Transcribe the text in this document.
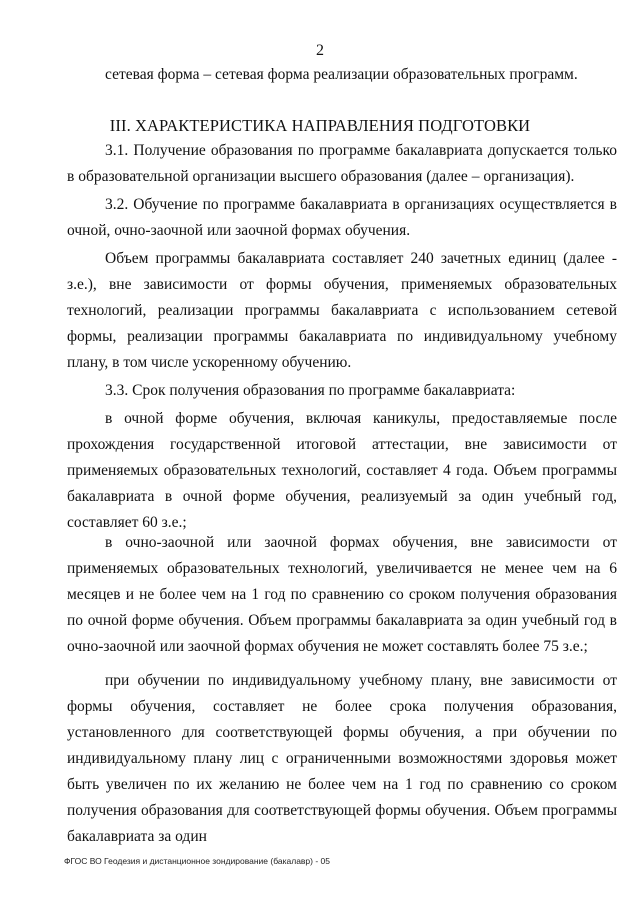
2
сетевая форма – сетевая форма реализации образовательных программ.
III. ХАРАКТЕРИСТИКА НАПРАВЛЕНИЯ ПОДГОТОВКИ

3.1. Получение образования по программе бакалавриата допускается только в образовательной организации высшего образования (далее – организация).

3.2. Обучение по программе бакалавриата в организациях осуществляется в очной, очно-заочной или заочной формах обучения.

Объем программы бакалавриата составляет 240 зачетных единиц (далее - з.е.), вне зависимости от формы обучения, применяемых образовательных технологий, реализации программы бакалавриата с использованием сетевой формы, реализации программы бакалавриата по индивидуальному учебному плану, в том числе ускоренному обучению.

3.3. Срок получения образования по программе бакалавриата:

в очной форме обучения, включая каникулы, предоставляемые после прохождения государственной итоговой аттестации, вне зависимости от применяемых образовательных технологий, составляет 4 года. Объем программы бакалавриата в очной форме обучения, реализуемый за один учебный год, составляет 60 з.е.;

в очно-заочной или заочной формах обучения, вне зависимости от применяемых образовательных технологий, увеличивается не менее чем на 6 месяцев и не более чем на 1 год по сравнению со сроком получения образования по очной форме обучения. Объем программы бакалавриата за один учебный год в очно-заочной или заочной формах обучения не может составлять более 75 з.е.;

при обучении по индивидуальному учебному плану, вне зависимости от формы обучения, составляет не более срока получения образования, установленного для соответствующей формы обучения, а при обучении по индивидуальному плану лиц с ограниченными возможностями здоровья может быть увеличен по их желанию не более чем на 1 год по сравнению со сроком получения образования для соответствующей формы обучения. Объем программы бакалавриата за один

ФГОС ВО Геодезия и дистанционное зондирование (бакалавр) - 05
